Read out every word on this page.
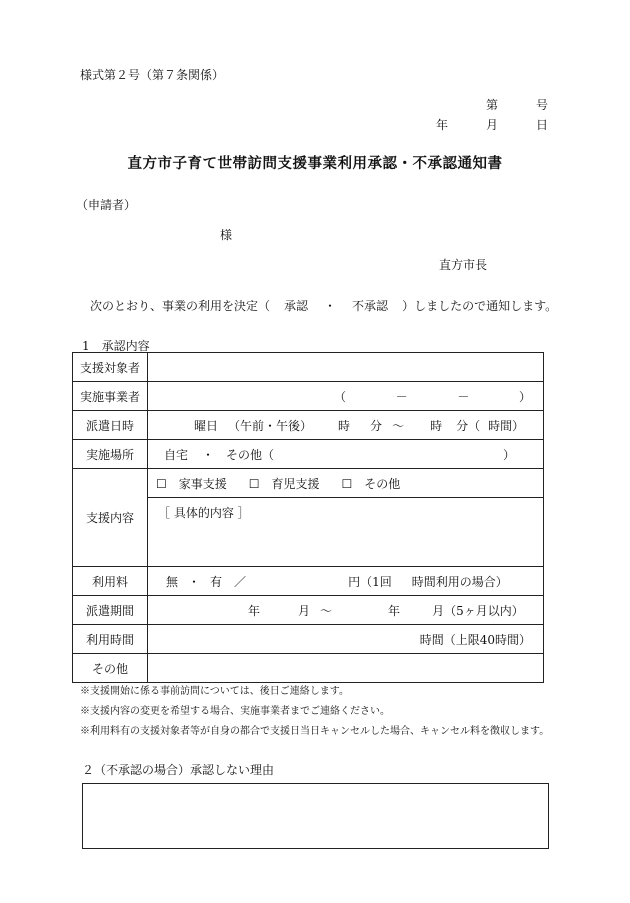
様式第２号（第７条関係）
第	号
年	月	日
直方市子育て世帯訪問支援事業利用承認・不承認通知書
（申請者）
様
直方市長
次のとおり、事業の利用を決定（ 承認 ・ 不承認 ）しましたので通知します。
1　承認内容
支援対象者	
実施事業者	（ － － ）

派遣日時	曜日 （午前・午後） 時 分 ～ 時 分（ 時間）

実施場所	自宅 ・ その他（ ）

支援内容	☐　家事支援 ☐　育児支援 ☐　その他

	［ 具体的内容 ］
利用料	無 ・ 有 ／ 円（1回 時間利用の場合）

派遣期間	年 月 ～ 年 月（5ヶ月以内）

利用時間	時間（上限40時間）
その他	
※支援開始に係る事前訪問については、後日ご連絡します。
※支援内容の変更を希望する場合、実施事業者までご連絡ください。
※利用料有の支援対象者等が自身の都合で支援日当日キャンセルした場合、キャンセル料を徴収します。
２（不承認の場合）承認しない理由
